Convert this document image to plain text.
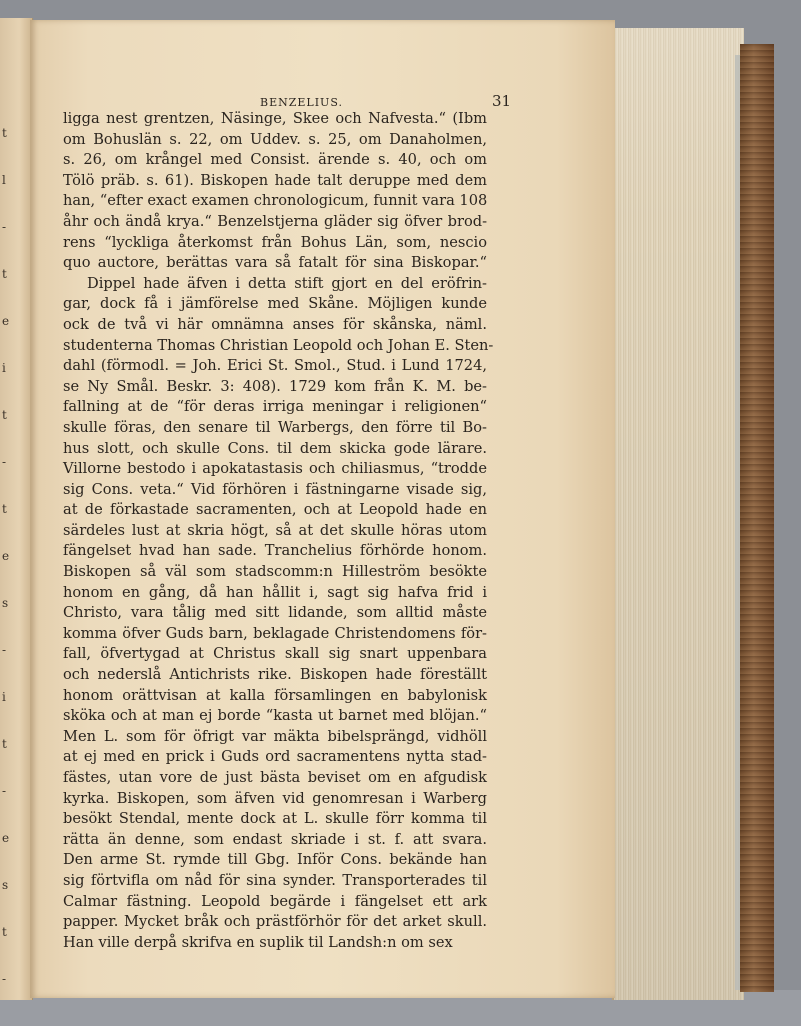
t
l
-
t
e
i
t
-
t
e
s
-
i
t
-
e
s
t
-
BENZELIUS.	31
ligga nest grentzen, Näsinge, Skee och Nafvesta.“ (Ibm
om Bohuslän s. 22, om Uddev. s. 25, om Danaholmen,
s. 26, om krångel med Consist. ärende s. 40, och om
Tölö präb. s. 61). Biskopen hade talt deruppe med dem
han, “efter exact examen chronologicum, funnit vara 108
åhr och ändå krya.“ Benzelstjerna gläder sig öfver brod-
rens “lyckliga återkomst från Bohus Län, som, nescio
quo auctore, berättas vara så fatalt för sina Biskopar.“
Dippel hade äfven i detta stift gjort en del eröfrin-
gar, dock få i jämförelse med Skåne. Möjligen kunde
ock de två vi här omnämna anses för skånska, näml.
studenterna Thomas Christian Leopold och Johan E. Sten-
dahl (förmodl. = Joh. Erici St. Smol., Stud. i Lund 1724,
se Ny Smål. Beskr. 3: 408). 1729 kom från K. M. be-
fallning at de “för deras irriga meningar i religionen“
skulle föras, den senare til Warbergs, den förre til Bo-
hus slott, och skulle Cons. til dem skicka gode lärare.
Villorne bestodo i apokatastasis och chiliasmus, “trodde
sig Cons. veta.“ Vid förhören i fästningarne visade sig,
at de förkastade sacramenten, och at Leopold hade en
särdeles lust at skria högt, så at det skulle höras utom
fängelset hvad han sade. Tranchelius förhörde honom.
Biskopen så väl som stadscomm:n Hilleström besökte
honom en gång, då han hållit i, sagt sig hafva frid i
Christo, vara tålig med sitt lidande, som alltid måste
komma öfver Guds barn, beklagade Christendomens för-
fall, öfvertygad at Christus skall sig snart uppenbara
och nederslå Antichrists rike. Biskopen hade föreställt
honom orättvisan at kalla församlingen en babylonisk
sköka och at man ej borde “kasta ut barnet med blöjan.“
Men L. som för öfrigt var mäkta bibelsprängd, vidhöll
at ej med en prick i Guds ord sacramentens nytta stad-
fästes, utan vore de just bästa beviset om en afgudisk
kyrka. Biskopen, som äfven vid genomresan i Warberg
besökt Stendal, mente dock at L. skulle förr komma til
rätta än denne, som endast skriade i st. f. att svara.
Den arme St. rymde till Gbg. Inför Cons. bekände han
sig förtvifla om nåd för sina synder. Transporterades til
Calmar fästning. Leopold begärde i fängelset ett ark
papper. Mycket bråk och prästförhör för det arket skull.
Han ville derpå skrifva en suplik til Landsh:n om sex
